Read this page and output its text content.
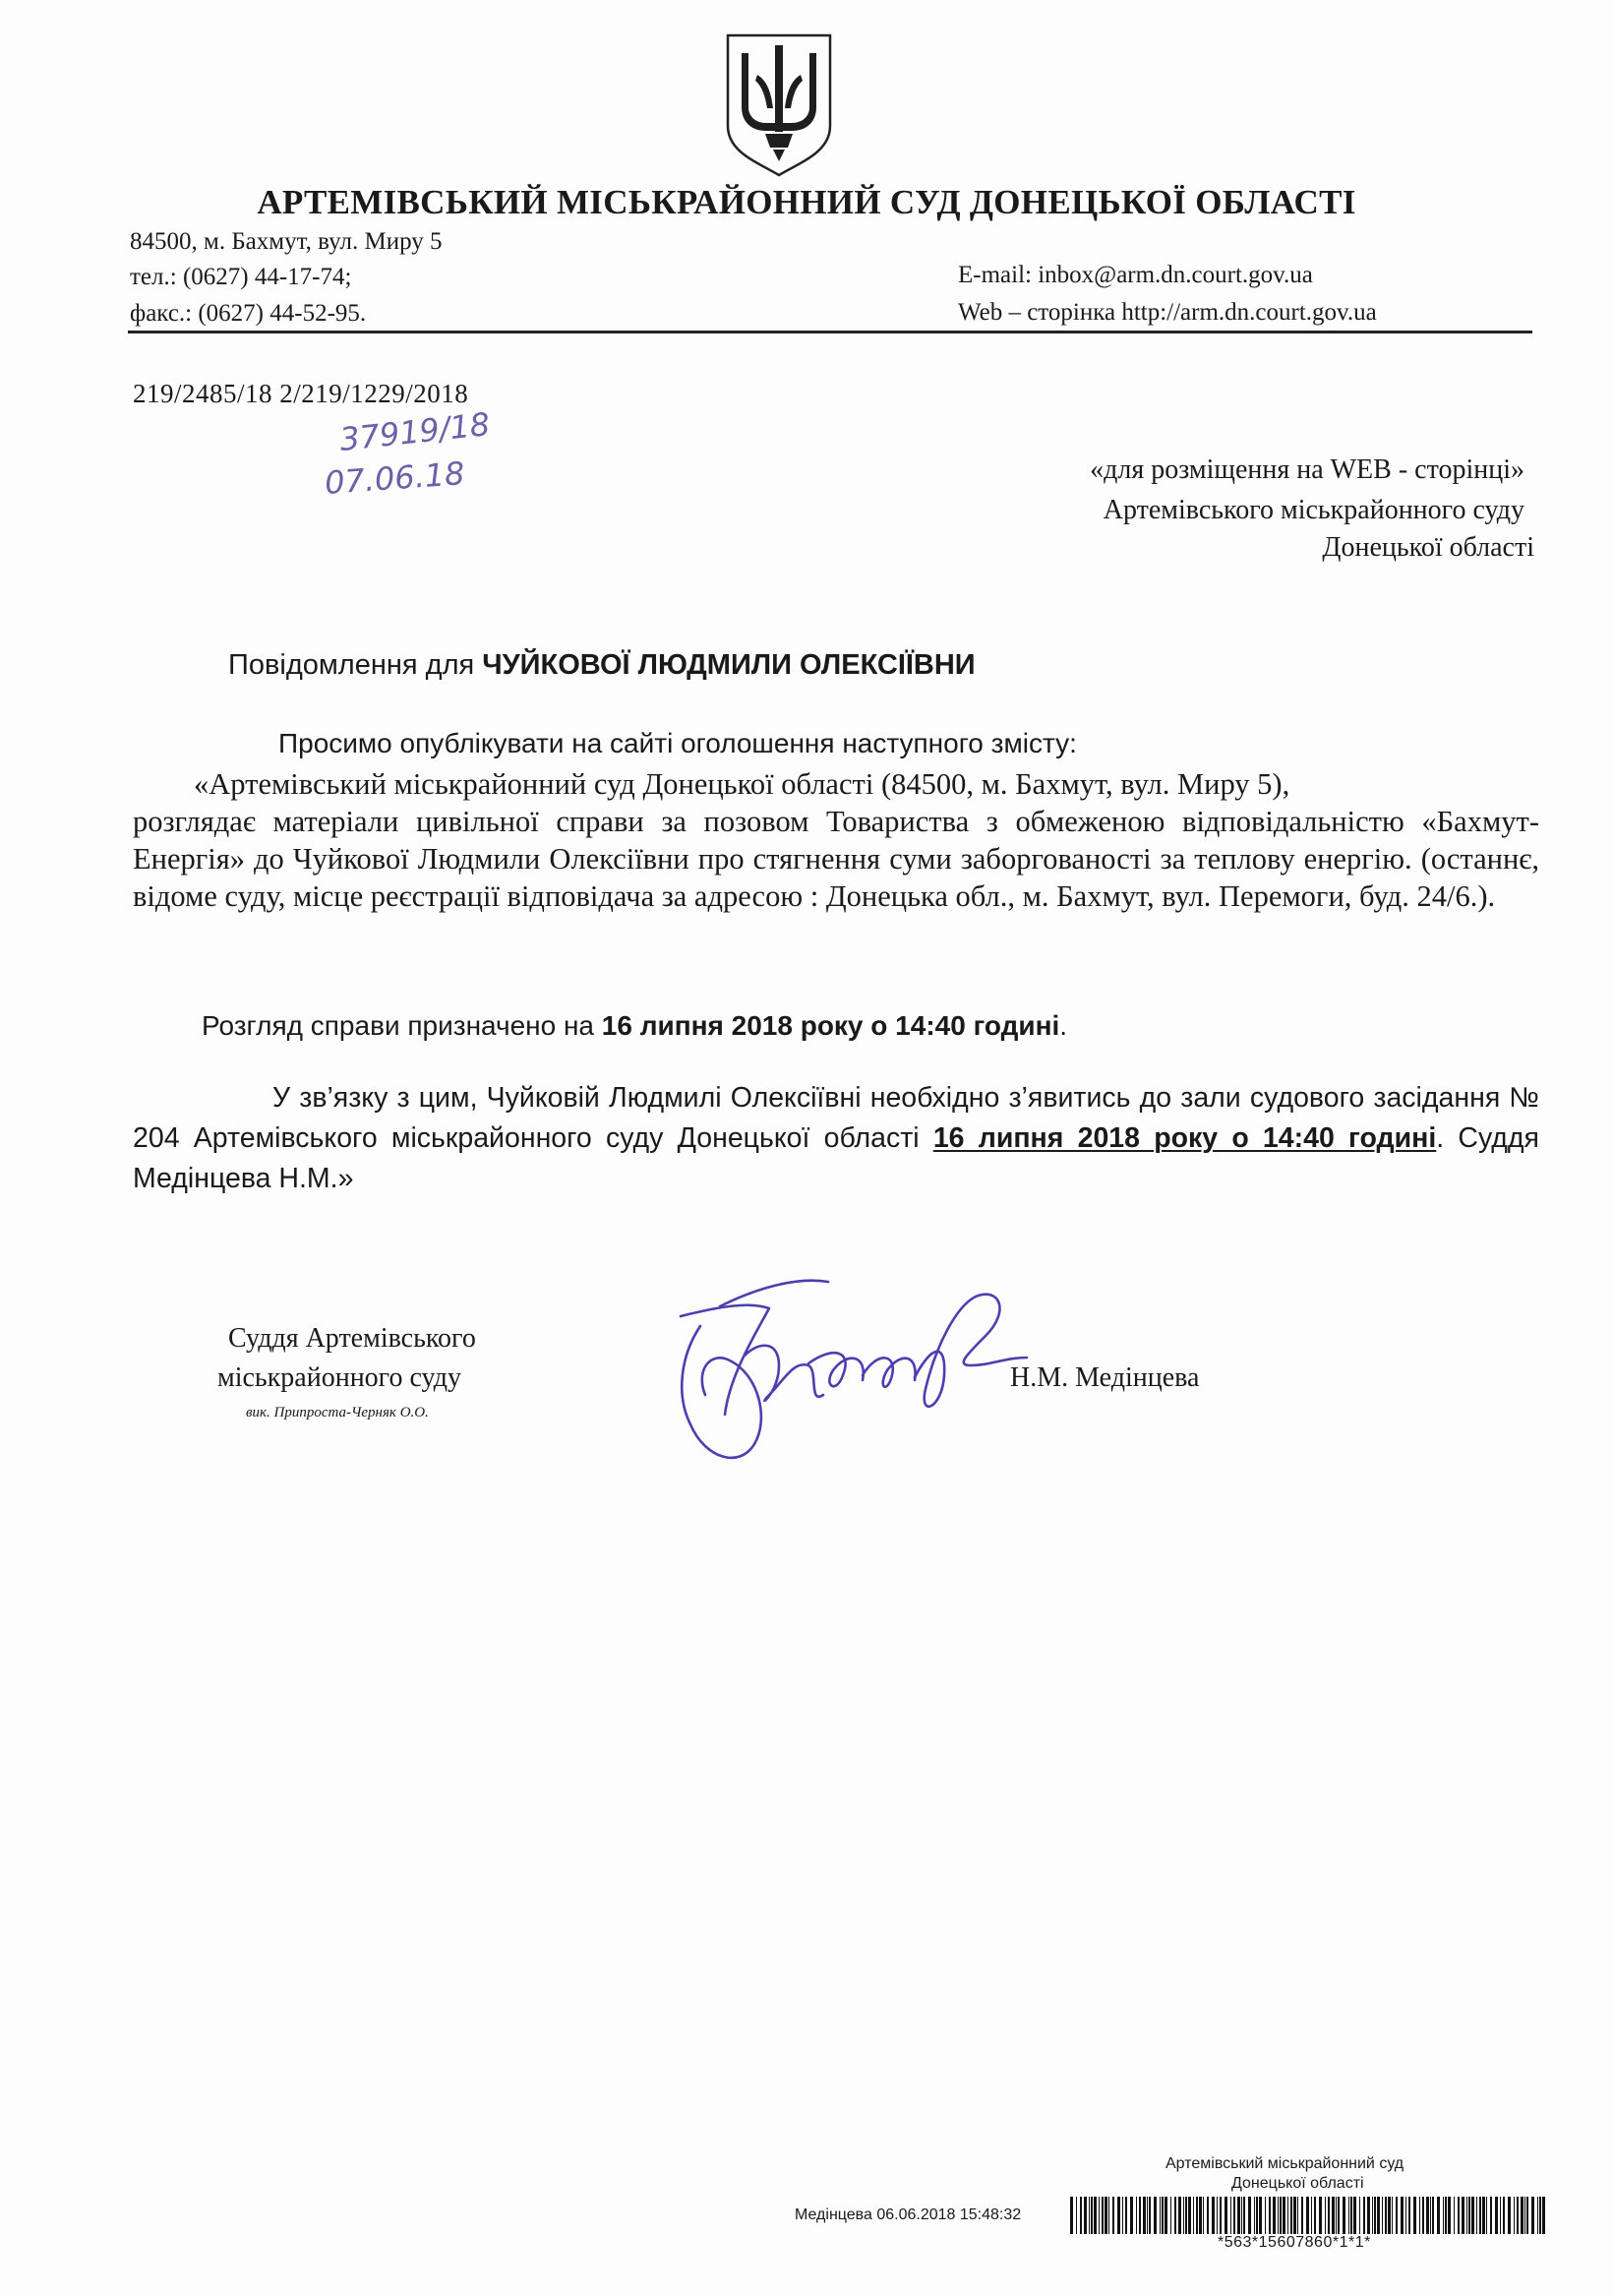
АРТЕМІВСЬКИЙ МІСЬКРАЙОННИЙ СУД ДОНЕЦЬКОЇ ОБЛАСТІ
84500, м. Бахмут, вул. Миру 5
тел.: (0627) 44-17-74;
факс.: (0627) 44-52-95.
E-mail: inbox@arm.dn.court.gov.ua
Web – сторінка http://arm.dn.court.gov.ua
219/2485/18 2/219/1229/2018
37919/18
07.06.18	«для розміщення на WEB - сторінці»
Артемівського міськрайонного суду
Донецької області
Повідомлення для ЧУЙКОВОЇ ЛЮДМИЛИ ОЛЕКСІЇВНИ
Просимо опублікувати на сайті оголошення наступного змісту:
«Артемівський міськрайонний суд Донецької області (84500, м. Бахмут, вул. Миру 5),
розглядає матеріали цивільної справи за позовом Товариства з обмеженою відповідальністю «Бахмут-Енергія» до Чуйкової Людмили Олексіївни про стягнення суми заборгованості за теплову енергію. (останнє, відоме суду, місце реєстрації відповідача за адресою : Донецька обл., м. Бахмут, вул. Перемоги, буд. 24/6.).
Розгляд справи призначено на 16 липня 2018 року о 14:40 годині.
У зв’язку з цим, Чуйковій Людмилі Олексіївні необхідно з’явитись до зали судового засідання № 204 Артемівського міськрайонного суду Донецької області 16 липня 2018 року о 14:40 годині. Суддя Медінцева Н.М.»
Суддя Артемівського
міськрайонного суду
вик. Припроста-Черняк О.О.
Н.М. Медінцева
Артемівський міськрайонний суд
Донецької області
Медінцева 06.06.2018 15:48:32
*563*15607860*1*1*
